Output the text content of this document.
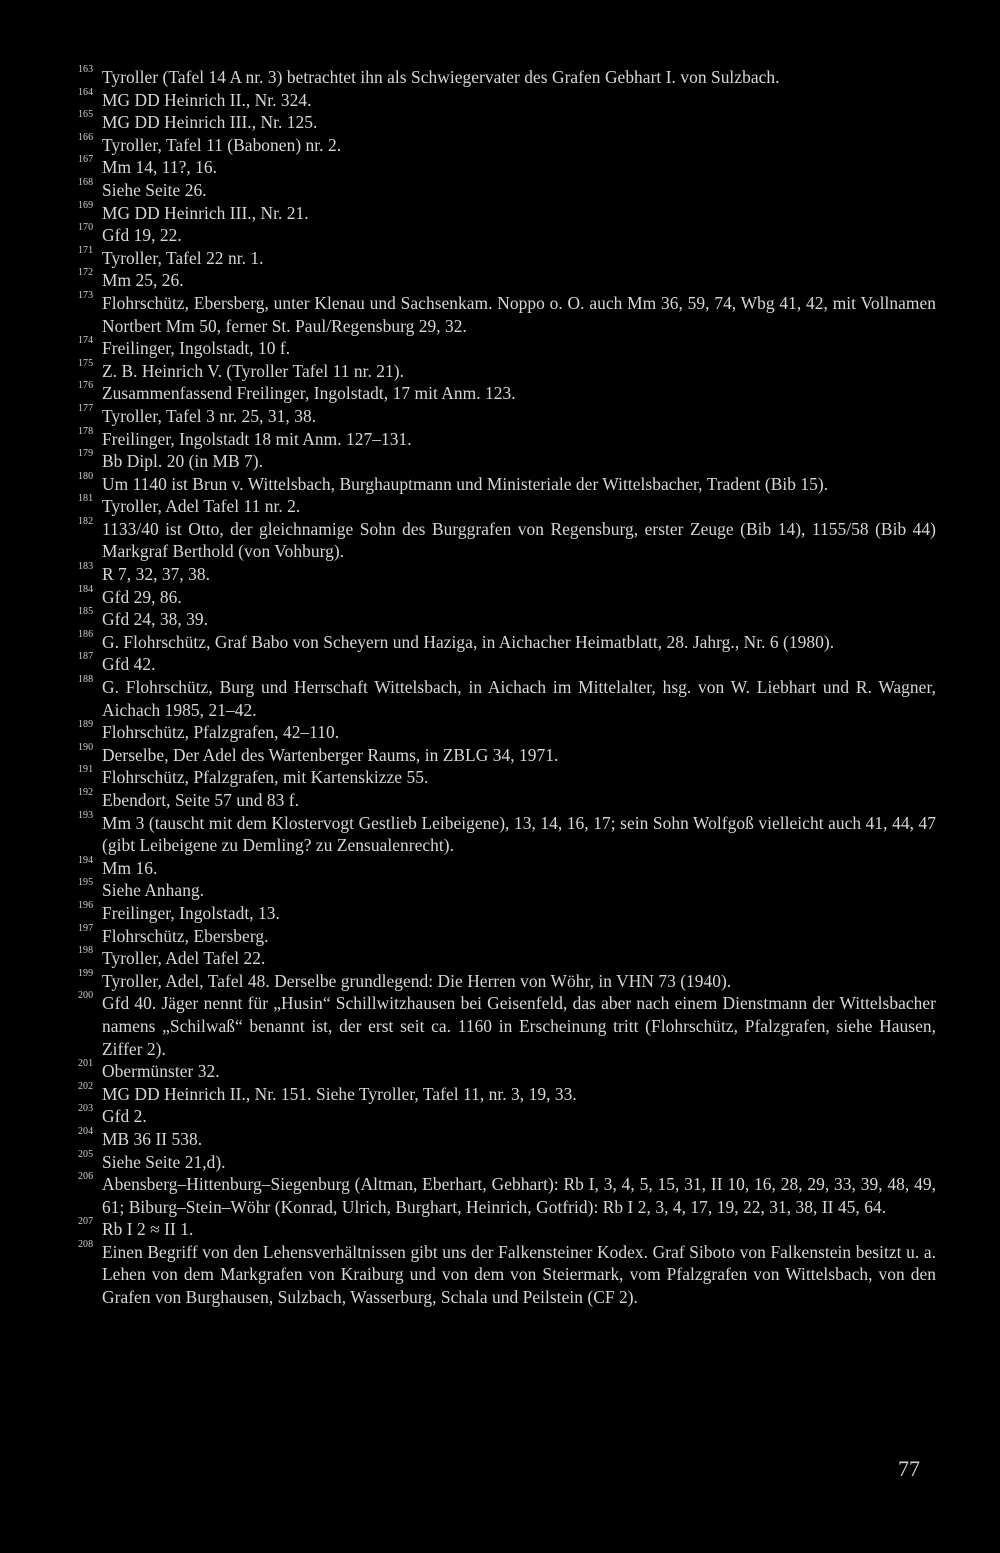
163 Tyroller (Tafel 14 A nr. 3) betrachtet ihn als Schwiegervater des Grafen Gebhart I. von Sulzbach.
164 MG DD Heinrich II., Nr. 324.
165 MG DD Heinrich III., Nr. 125.
166 Tyroller, Tafel 11 (Babonen) nr. 2.
167 Mm 14, 11?, 16.
168 Siehe Seite 26.
169 MG DD Heinrich III., Nr. 21.
170 Gfd 19, 22.
171 Tyroller, Tafel 22 nr. 1.
172 Mm 25, 26.
173 Flohrschütz, Ebersberg, unter Klenau und Sachsenkam. Noppo o. O. auch Mm 36, 59, 74, Wbg 41, 42, mit Vollnamen Nortbert Mm 50, ferner St. Paul/Regensburg 29, 32.
174 Freilinger, Ingolstadt, 10 f.
175 Z. B. Heinrich V. (Tyroller Tafel 11 nr. 21).
176 Zusammenfassend Freilinger, Ingolstadt, 17 mit Anm. 123.
177 Tyroller, Tafel 3 nr. 25, 31, 38.
178 Freilinger, Ingolstadt 18 mit Anm. 127–131.
179 Bb Dipl. 20 (in MB 7).
180 Um 1140 ist Brun v. Wittelsbach, Burghauptmann und Ministeriale der Wittelsbacher, Tradent (Bib 15).
181 Tyroller, Adel Tafel 11 nr. 2.
182 1133/40 ist Otto, der gleichnamige Sohn des Burggrafen von Regensburg, erster Zeuge (Bib 14), 1155/58 (Bib 44) Markgraf Berthold (von Vohburg).
183 R 7, 32, 37, 38.
184 Gfd 29, 86.
185 Gfd 24, 38, 39.
186 G. Flohrschütz, Graf Babo von Scheyern und Haziga, in Aichacher Heimatblatt, 28. Jahrg., Nr. 6 (1980).
187 Gfd 42.
188 G. Flohrschütz, Burg und Herrschaft Wittelsbach, in Aichach im Mittelalter, hsg. von W. Liebhart und R. Wagner, Aichach 1985, 21–42.
189 Flohrschütz, Pfalzgrafen, 42–110.
190 Derselbe, Der Adel des Wartenberger Raums, in ZBLG 34, 1971.
191 Flohrschütz, Pfalzgrafen, mit Kartenskizze 55.
192 Ebendort, Seite 57 und 83 f.
193 Mm 3 (tauscht mit dem Klostervogt Gestlieb Leibeigene), 13, 14, 16, 17; sein Sohn Wolfgoß vielleicht auch 41, 44, 47 (gibt Leibeigene zu Demling? zu Zensualenrecht).
194 Mm 16.
195 Siehe Anhang.
196 Freilinger, Ingolstadt, 13.
197 Flohrschütz, Ebersberg.
198 Tyroller, Adel Tafel 22.
199 Tyroller, Adel, Tafel 48. Derselbe grundlegend: Die Herren von Wöhr, in VHN 73 (1940).
200 Gfd 40. Jäger nennt für „Husin“ Schillwitzhausen bei Geisenfeld, das aber nach einem Dienstmann der Wittelsbacher namens „Schilwaß“ benannt ist, der erst seit ca. 1160 in Erscheinung tritt (Flohrschütz, Pfalzgrafen, siehe Hausen, Ziffer 2).
201 Obermünster 32.
202 MG DD Heinrich II., Nr. 151. Siehe Tyroller, Tafel 11, nr. 3, 19, 33.
203 Gfd 2.
204 MB 36 II 538.
205 Siehe Seite 21,d).
206 Abensberg–Hittenburg–Siegenburg (Altman, Eberhart, Gebhart): Rb I, 3, 4, 5, 15, 31, II 10, 16, 28, 29, 33, 39, 48, 49, 61; Biburg–Stein–Wöhr (Konrad, Ulrich, Burghart, Heinrich, Gotfrid): Rb I 2, 3, 4, 17, 19, 22, 31, 38, II 45, 64.
207 Rb I 2 ≈ II 1.
208 Einen Begriff von den Lehensverhältnissen gibt uns der Falkensteiner Kodex. Graf Siboto von Falkenstein besitzt u. a. Lehen von dem Markgrafen von Kraiburg und von dem von Steiermark, vom Pfalzgrafen von Wittelsbach, von den Grafen von Burghausen, Sulzbach, Wasserburg, Schala und Peilstein (CF 2).
77
